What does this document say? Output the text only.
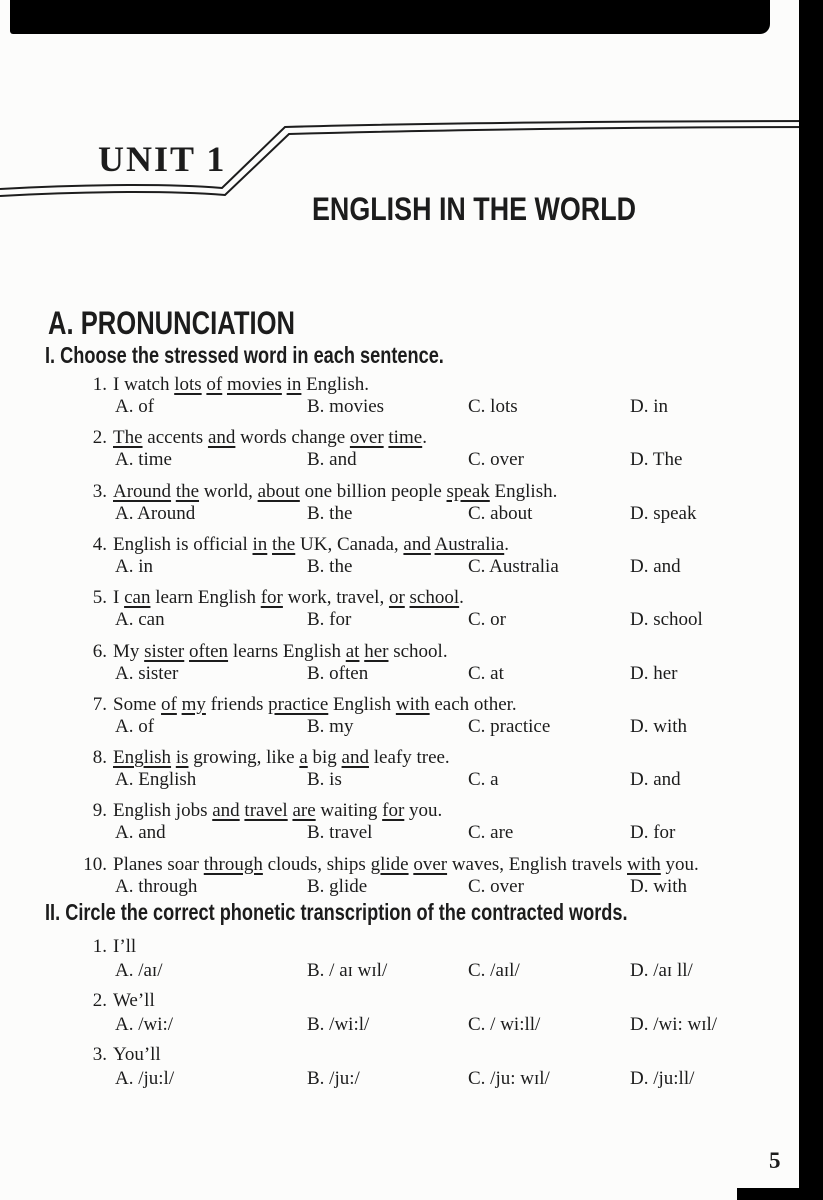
UNIT 1
ENGLISH IN THE WORLD
A. PRONUNCIATION
I. Choose the stressed word in each sentence.
1. I watch lots of movies in English.
A. of	B. movies	C. lots	D. in
2. The accents and words change over time.
A. time	B. and	C. over	D. The
3. Around the world, about one billion people speak English.
A. Around	B. the	C. about	D. speak
4. English is official in the UK, Canada, and Australia.
A. in	B. the	C. Australia	D. and
5. I can learn English for work, travel, or school.
A. can	B. for	C. or	D. school
6. My sister often learns English at her school.
A. sister	B. often	C. at	D. her
7. Some of my friends practice English with each other.
A. of	B. my	C. practice	D. with
8. English is growing, like a big and leafy tree.
A. English	B. is	C. a	D. and
9. English jobs and travel are waiting for you.
A. and	B. travel	C. are	D. for
10. Planes soar through clouds, ships glide over waves, English travels with you.
A. through	B. glide	C. over	D. with
II. Circle the correct phonetic transcription of the contracted words.
1. I’ll
A. /aɪ/	B. / aɪ wɪl/	C. /aɪl/	D. /aɪ ll/
2. We’ll
A. /wi:/	B. /wi:l/	C. / wi:ll/	D. /wi: wɪl/
3. You’ll
A. /ju:l/	B. /ju:/	C. /ju: wɪl/	D. /ju:ll/
5
